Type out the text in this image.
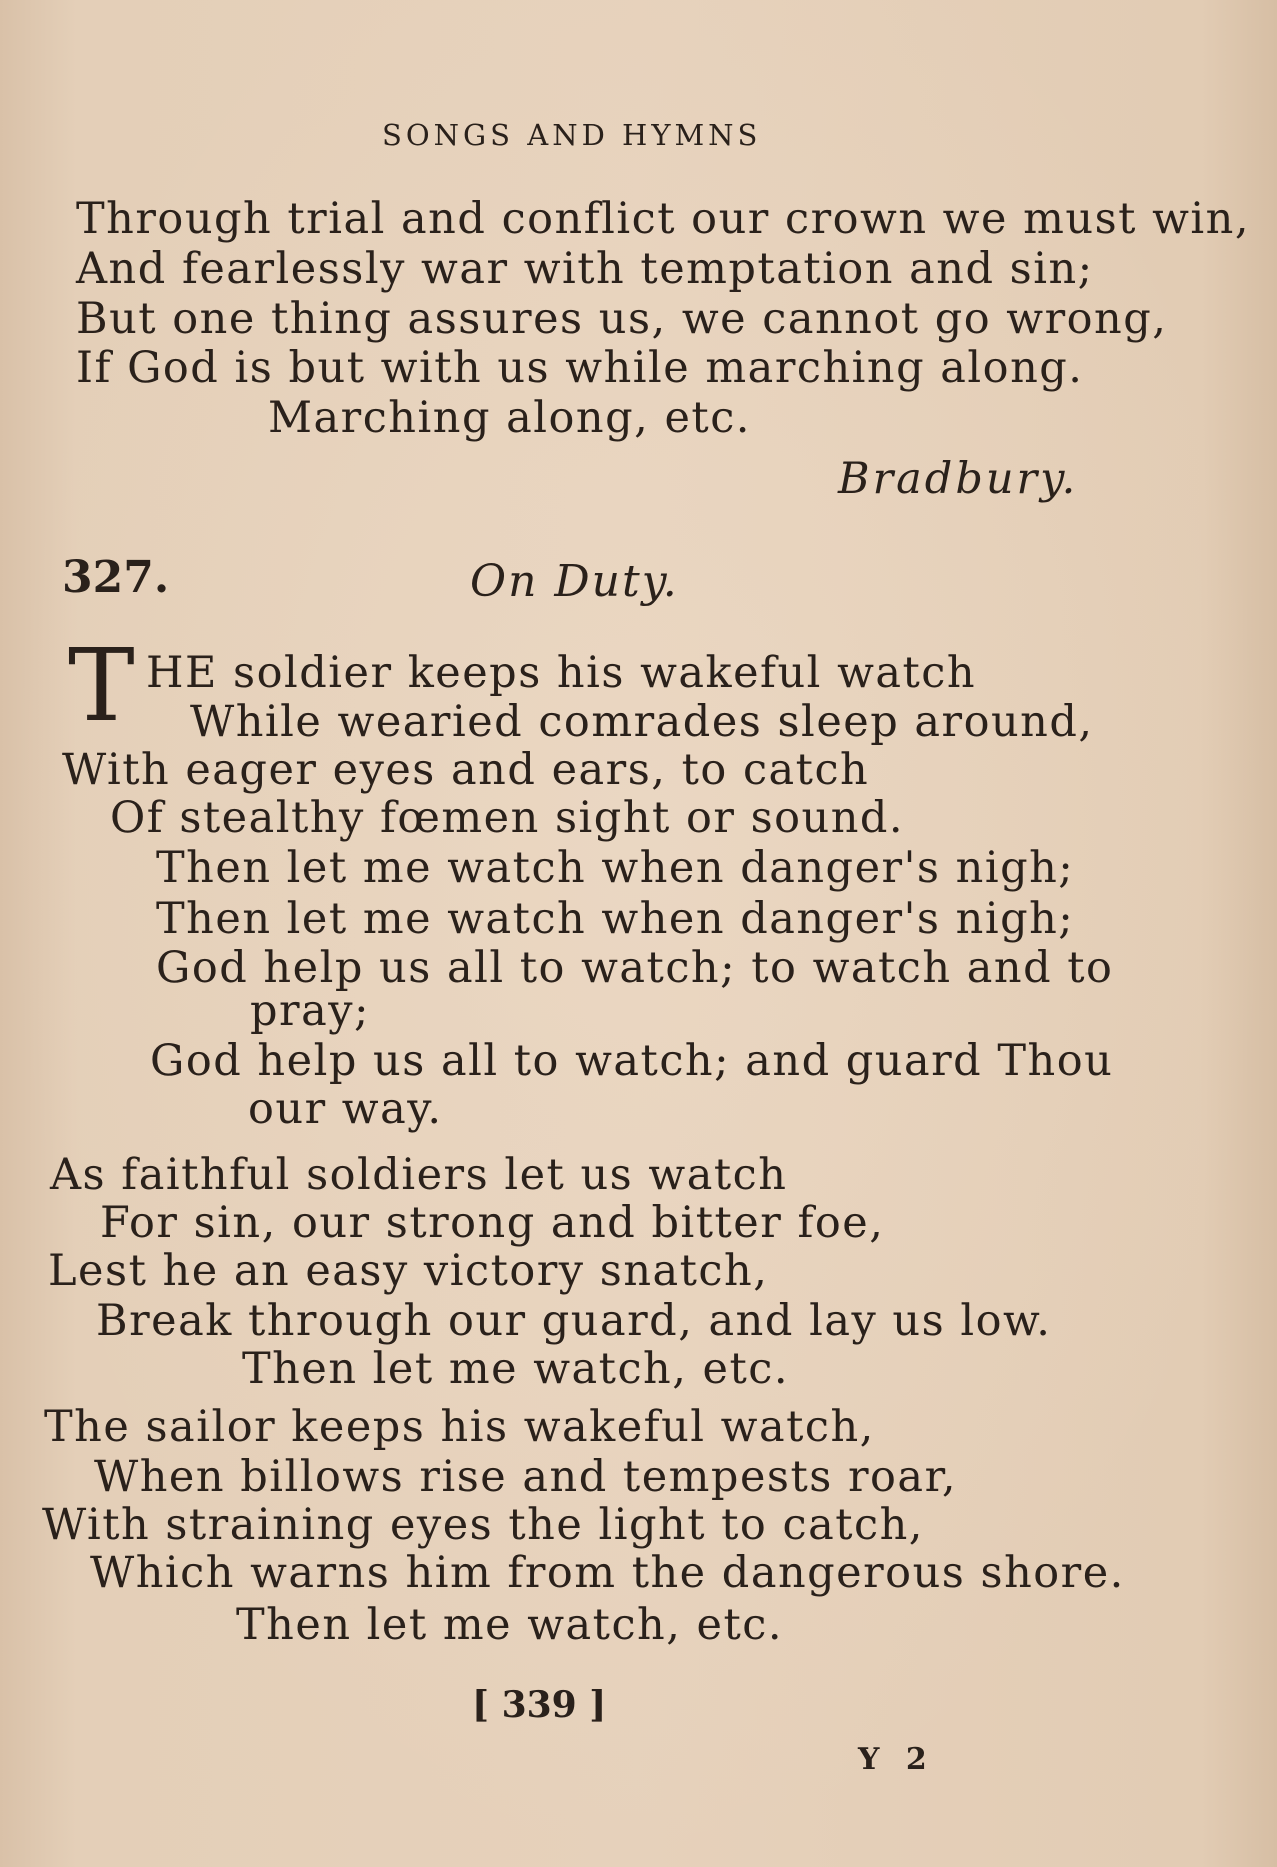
SONGS AND HYMNS
Through trial and conflict our crown we must win,
And fearlessly war with temptation and sin;
But one thing assures us, we cannot go wrong,
If God is but with us while marching along.
Marching along, etc.
Bradbury.
327.	On Duty.
T HE soldier keeps his wakeful watch
While wearied comrades sleep around,
With eager eyes and ears, to catch
Of stealthy fœmen sight or sound.
Then let me watch when danger's nigh;
Then let me watch when danger's nigh;
God help us all to watch; to watch and to
pray;
God help us all to watch; and guard Thou
our way.
As faithful soldiers let us watch
For sin, our strong and bitter foe,
Lest he an easy victory snatch,
Break through our guard, and lay us low.
Then let me watch, etc.
The sailor keeps his wakeful watch,
When billows rise and tempests roar,
With straining eyes the light to catch,
Which warns him from the dangerous shore.
Then let me watch, etc.
[ 339 ]
Y 2
